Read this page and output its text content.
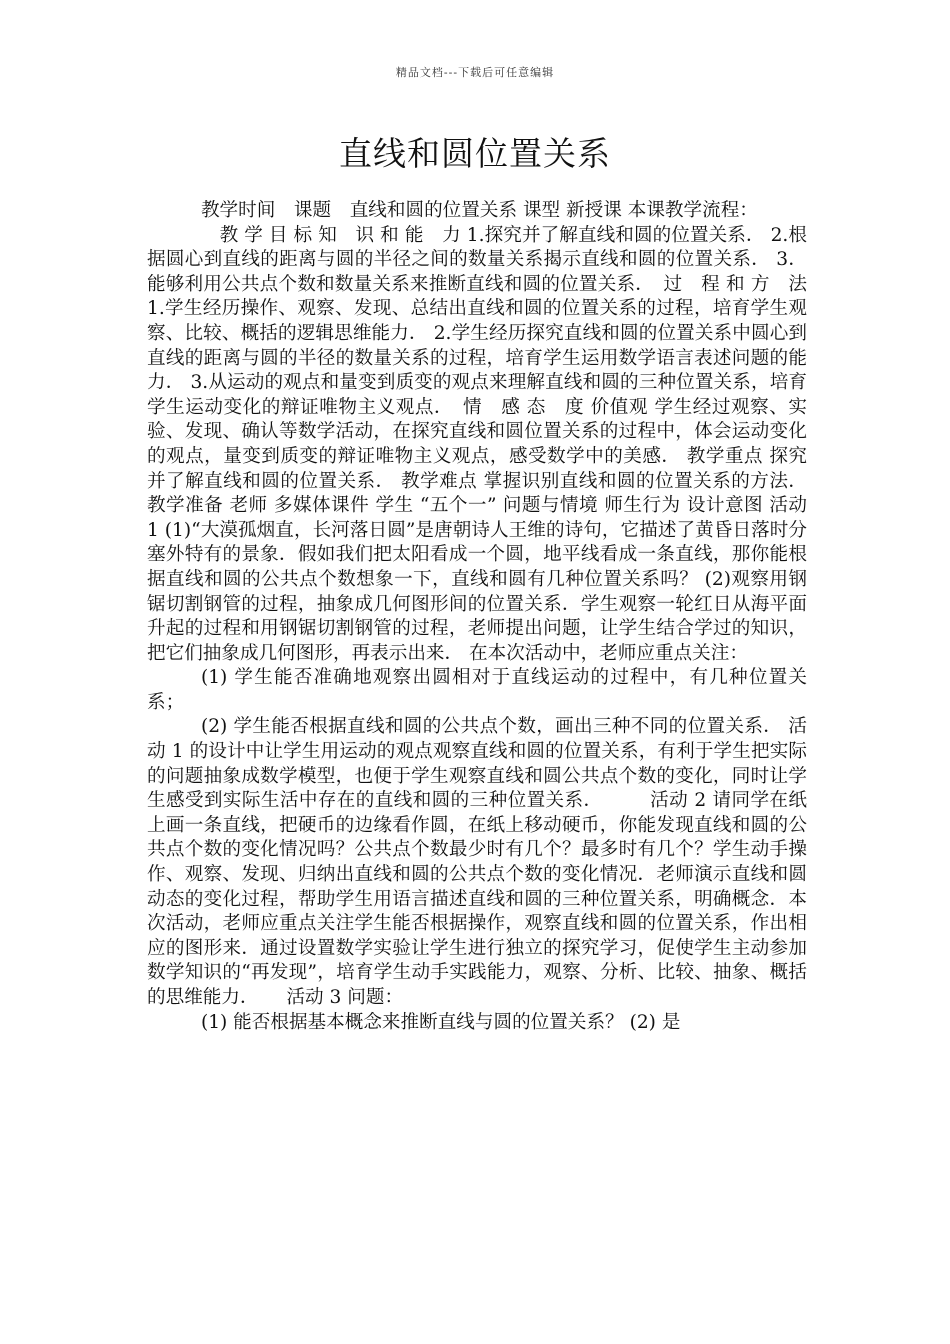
精品文档---下载后可任意编辑
直线和圆位置关系

教学时间　课题　直线和圆的位置关系 课型 新授课 本课教学流程：

　教 学 目 标 知　识 和 能　力 1.探究并了解直线和圆的位置关系． 2.根据圆心到直线的距离与圆的半径之间的数量关系揭示直线和圆的位置关系． 3．能够利用公共点个数和数量关系来推断直线和圆的位置关系．　过　程 和 方　法 1.学生经历操作、观察、发现、总结出直线和圆的位置关系的过程，培育学生观察、比较、概括的逻辑思维能力． 2.学生经历探究直线和圆的位置关系中圆心到直线的距离与圆的半径的数量关系的过程，培育学生运用数学语言表述问题的能力． 3.从运动的观点和量变到质变的观点来理解直线和圆的三种位置关系，培育学生运动变化的辩证唯物主义观点．　情　感 态　度 价值观 学生经过观察、实验、发现、确认等数学活动，在探究直线和圆位置关系的过程中，体会运动变化的观点，量变到质变的辩证唯物主义观点，感受数学中的美感． 教学重点 探究并了解直线和圆的位置关系． 教学难点 掌握识别直线和圆的位置关系的方法． 教学准备 老师 多媒体课件 学生 “五个一” 问题与情境 师生行为 设计意图 活动 1 (1)“大漠孤烟直，长河落日圆”是唐朝诗人王维的诗句，它描述了黄昏日落时分塞外特有的景象．假如我们把太阳看成一个圆，地平线看成一条直线，那你能根据直线和圆的公共点个数想象一下，直线和圆有几种位置关系吗？ (2)观察用钢锯切割钢管的过程，抽象成几何图形间的位置关系．学生观察一轮红日从海平面升起的过程和用钢锯切割钢管的过程，老师提出问题，让学生结合学过的知识，把它们抽象成几何图形，再表示出来． 在本次活动中，老师应重点关注：

(1) 学生能否准确地观察出圆相对于直线运动的过程中，有几种位置关系；

(2) 学生能否根据直线和圆的公共点个数，画出三种不同的位置关系． 活动 1 的设计中让学生用运动的观点观察直线和圆的位置关系，有利于学生把实际的问题抽象成数学模型，也便于学生观察直线和圆公共点个数的变化，同时让学生感受到实际生活中存在的直线和圆的三种位置关系．　　　活动 2 请同学在纸上画一条直线，把硬币的边缘看作圆，在纸上移动硬币，你能发现直线和圆的公共点个数的变化情况吗？公共点个数最少时有几个？最多时有几个？学生动手操作、观察、发现、归纳出直线和圆的公共点个数的变化情况．老师演示直线和圆动态的变化过程，帮助学生用语言描述直线和圆的三种位置关系，明确概念．本次活动，老师应重点关注学生能否根据操作，观察直线和圆的位置关系，作出相应的图形来．通过设置数学实验让学生进行独立的探究学习，促使学生主动参加数学知识的“再发现”，培育学生动手实践能力，观察、分析、比较、抽象、概括的思维能力．　　活动 3 问题：

(1) 能否根据基本概念来推断直线与圆的位置关系？ (2) 是
